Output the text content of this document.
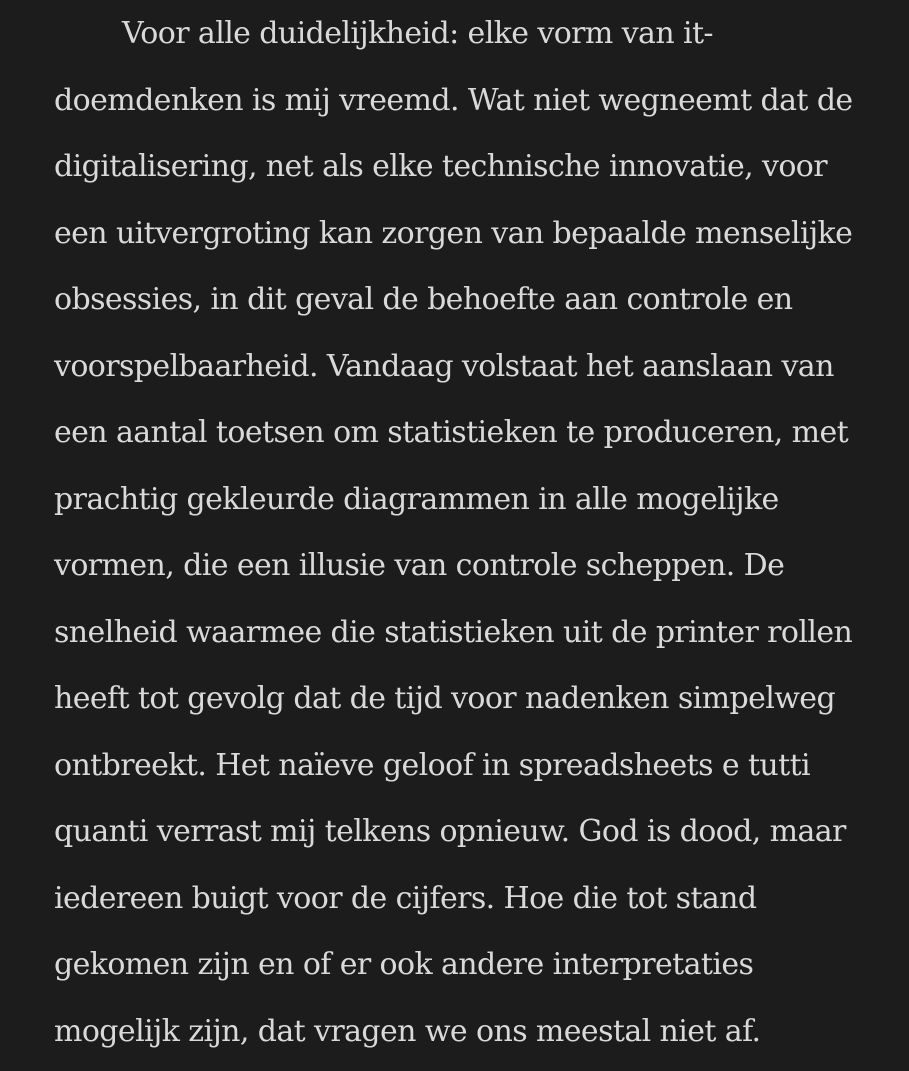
Voor alle duidelijkheid: elke vorm van it-
doemdenken is mij vreemd. Wat niet wegneemt dat de
digitalisering, net als elke technische innovatie, voor
een uitvergroting kan zorgen van bepaalde menselijke
obsessies, in dit geval de behoefte aan controle en
voorspelbaarheid. Vandaag volstaat het aanslaan van
een aantal toetsen om statistieken te produceren, met
prachtig gekleurde diagrammen in alle mogelijke
vormen, die een illusie van controle scheppen. De
snelheid waarmee die statistieken uit de printer rollen
heeft tot gevolg dat de tijd voor nadenken simpelweg
ontbreekt. Het naïeve geloof in spreadsheets e tutti
quanti verrast mij telkens opnieuw. God is dood, maar
iedereen buigt voor de cijfers. Hoe die tot stand
gekomen zijn en of er ook andere interpretaties
mogelijk zijn, dat vragen we ons meestal niet af.
